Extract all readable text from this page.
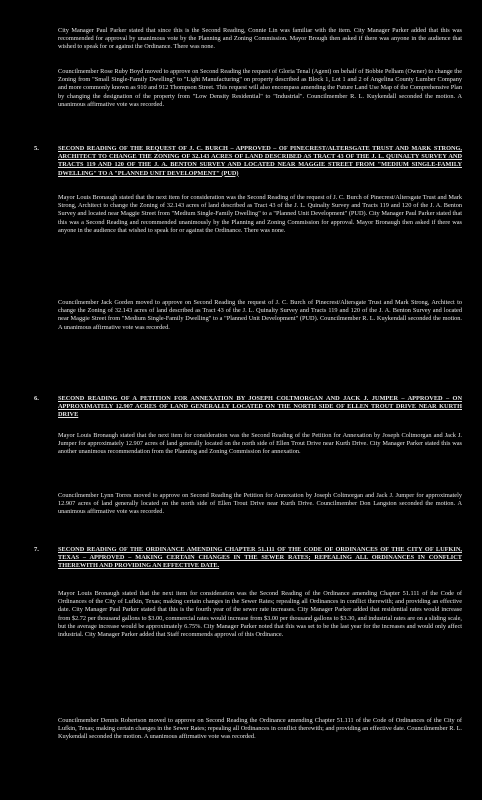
City Manager Paul Parker stated that since this is the Second Reading, Connie Lin was familiar with the item. City Manager Parker added that this was recommended for approval by unanimous vote by the Planning and Zoning Commission. Mayor Brough then asked if there was anyone in the audience that wished to speak for or against the Ordinance. There was none.

Councilmember Rose Ruby Boyd moved to approve on Second Reading the request of Gloria Tenal (Agent) on behalf of Bobbie Pelham (Owner) to change the Zoning from "Small Single-Family Dwelling" to "Light Manufacturing" on property described as Block 1, Lot 1 and 2 of Angelina County Lumber Company and more commonly known as 910 and 912 Thompson Street. This request will also encompass amending the Future Land Use Map of the Comprehensive Plan by changing the designation of the property from "Low Density Residential" to "Industrial". Councilmember R. L. Kuykendall seconded the motion. A unanimous affirmative vote was recorded.

5.	SECOND READING OF THE REQUEST OF J. C. BURCH – APPROVED – OF PINECREST/ALTERSGATE TRUST AND MARK STRONG, ARCHITECT TO CHANGE THE ZONING OF 32.143 ACRES OF LAND DESCRIBED AS TRACT 43 OF THE J. L. QUINALTY SURVEY AND TRACTS 119 AND 120 OF THE J. A. BENTON SURVEY AND LOCATED NEAR MAGGIE STREET FROM "MEDIUM SINGLE-FAMILY DWELLING" TO A "PLANNED UNIT DEVELOPMENT" (PUD)

Mayor Louis Bronaugh stated that the next item for consideration was the Second Reading of the request of J. C. Burch of Pinecrest/Altersgate Trust and Mark Strong, Architect to change the Zoning of 32.143 acres of land described as Tract 43 of the J. L. Quinalty Survey and Tracts 119 and 120 of the J. A. Benton Survey and located near Maggie Street from "Medium Single-Family Dwelling" to a "Planned Unit Development" (PUD). City Manager Paul Parker stated that this was a Second Reading and recommended unanimously by the Planning and Zoning Commission for approval. Mayor Bronaugh then asked if there was anyone in the audience that wished to speak for or against the Ordinance. There was none.

Councilmember Jack Gorden moved to approve on Second Reading the request of J. C. Burch of Pinecrest/Altersgate Trust and Mark Strong, Architect to change the Zoning of 32.143 acres of land described as Tract 43 of the J. L. Quinalty Survey and Tracts 119 and 120 of the J. A. Benton Survey and located near Maggie Street from "Medium Single-Family Dwelling" to a "Planned Unit Development" (PUD). Councilmember R. L. Kuykendall seconded the motion. A unanimous affirmative vote was recorded.

6.	SECOND READING OF A PETITION FOR ANNEXATION BY JOSEPH COLTMORGAN AND JACK J. JUMPER – APPROVED – ON APPROXIMATELY 12.907 ACRES OF LAND GENERALLY LOCATED ON THE NORTH SIDE OF ELLEN TROUT DRIVE NEAR KURTH DRIVE

Mayor Louis Bronaugh stated that the next item for consideration was the Second Reading of the Petition for Annexation by Joseph Coltmorgan and Jack J. Jumper for approximately 12.907 acres of land generally located on the north side of Ellen Trout Drive near Kurth Drive. City Manager Parker stated this was another unanimous recommendation from the Planning and Zoning Commission for annexation.

Councilmember Lynn Torres moved to approve on Second Reading the Petition for Annexation by Joseph Coltmorgan and Jack J. Jumper for approximately 12.907 acres of land generally located on the north side of Ellen Trout Drive near Kurth Drive. Councilmember Don Langston seconded the motion. A unanimous affirmative vote was recorded.

7.	SECOND READING OF THE ORDINANCE AMENDING CHAPTER 51.111 OF THE CODE OF ORDINANCES OF THE CITY OF LUFKIN, TEXAS – APPROVED – MAKING CERTAIN CHANGES IN THE SEWER RATES; REPEALING ALL ORDINANCES IN CONFLICT THEREWITH AND PROVIDING AN EFFECTIVE DATE.

Mayor Louis Bronaugh stated that the next item for consideration was the Second Reading of the Ordinance amending Chapter 51.111 of the Code of Ordinances of the City of Lufkin, Texas; making certain changes in the Sewer Rates; repealing all Ordinances in conflict therewith; and providing an effective date. City Manager Paul Parker stated that this is the fourth year of the sewer rate increases. City Manager Parker added that residential rates would increase from $2.72 per thousand gallons to $3.00, commercial rates would increase from $3.00 per thousand gallons to $3.30, and industrial rates are on a sliding scale, but the average increase would be approximately 6.75%. City Manager Parker noted that this was set to be the last year for the increases and would only affect industrial. City Manager Parker added that Staff recommends approval of this Ordinance.

Councilmember Dennis Robertson moved to approve on Second Reading the Ordinance amending Chapter 51.111 of the Code of Ordinances of the City of Lufkin, Texas; making certain changes in the Sewer Rates; repealing all Ordinances in conflict therewith; and providing an effective date. Councilmember R. L. Kuykendall seconded the motion. A unanimous affirmative vote was recorded.
